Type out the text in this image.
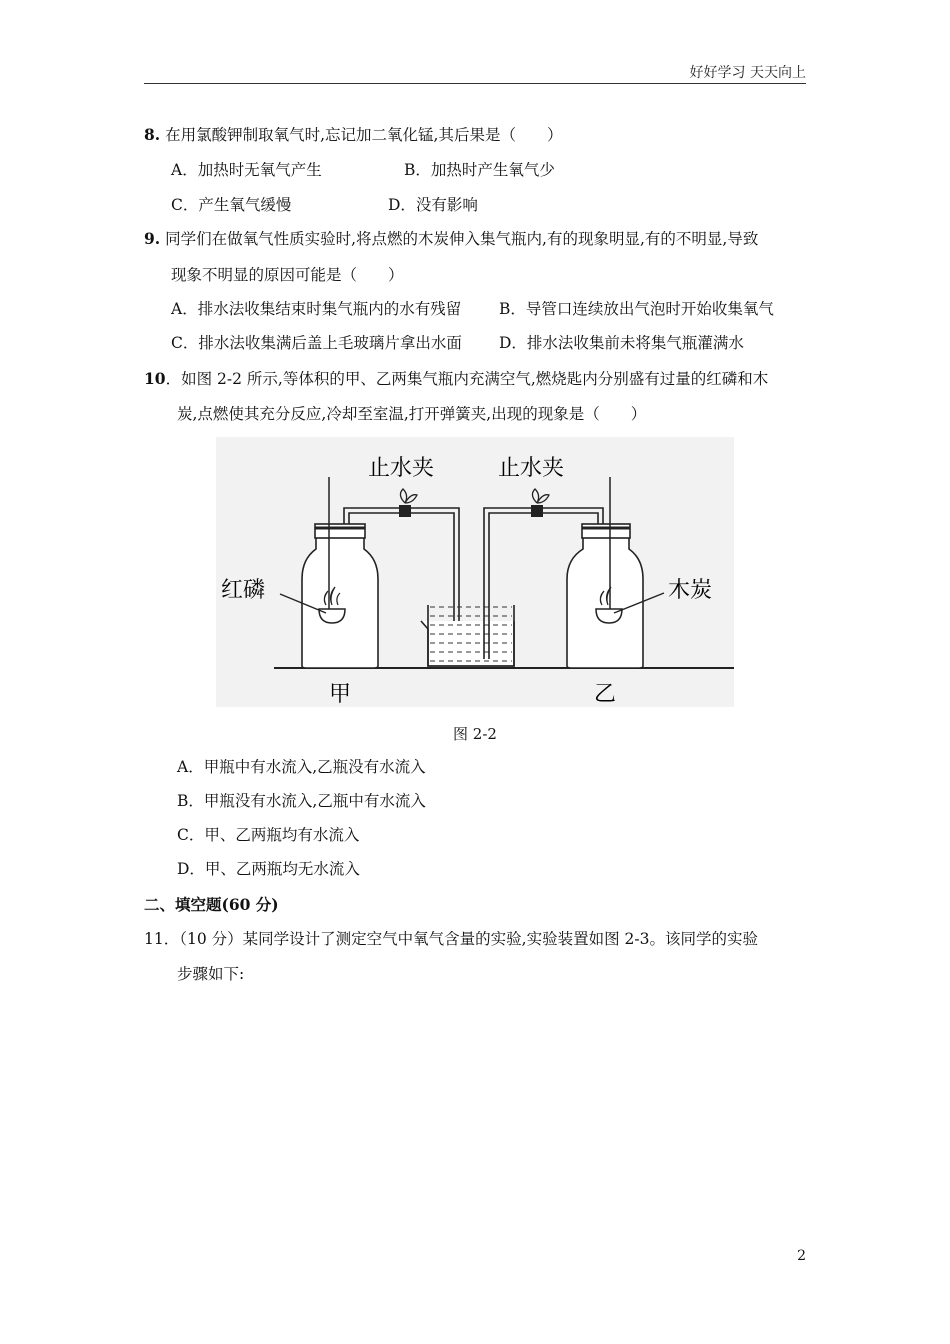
好好学习 天天向上
8. 在用氯酸钾制取氧气时,忘记加二氧化锰,其后果是（　　）
A．加热时无氧气产生	B．加热时产生氧气少
C．产生氧气缓慢	D．没有影响
9. 同学们在做氧气性质实验时,将点燃的木炭伸入集气瓶内,有的现象明显,有的不明显,导致
现象不明显的原因可能是（　　）
A．排水法收集结束时集气瓶内的水有残留 B．导管口连续放出气泡时开始收集氧气
C．排水法收集满后盖上毛玻璃片拿出水面 D．排水法收集前未将集气瓶灌满水
10．如图 2-2 所示,等体积的甲、乙两集气瓶内充满空气,燃烧匙内分别盛有过量的红磷和木
炭,点燃使其充分反应,冷却至室温,打开弹簧夹,出现的现象是（　　）
红磷
甲
止水夹	止水夹
木炭
乙
图 2-2
A．甲瓶中有水流入,乙瓶没有水流入
B．甲瓶没有水流入,乙瓶中有水流入
C．甲、乙两瓶均有水流入
D．甲、乙两瓶均无水流入
二、填空题(60 分)
11．（10 分）某同学设计了测定空气中氧气含量的实验,实验装置如图 2-3。该同学的实验
步骤如下:
2
